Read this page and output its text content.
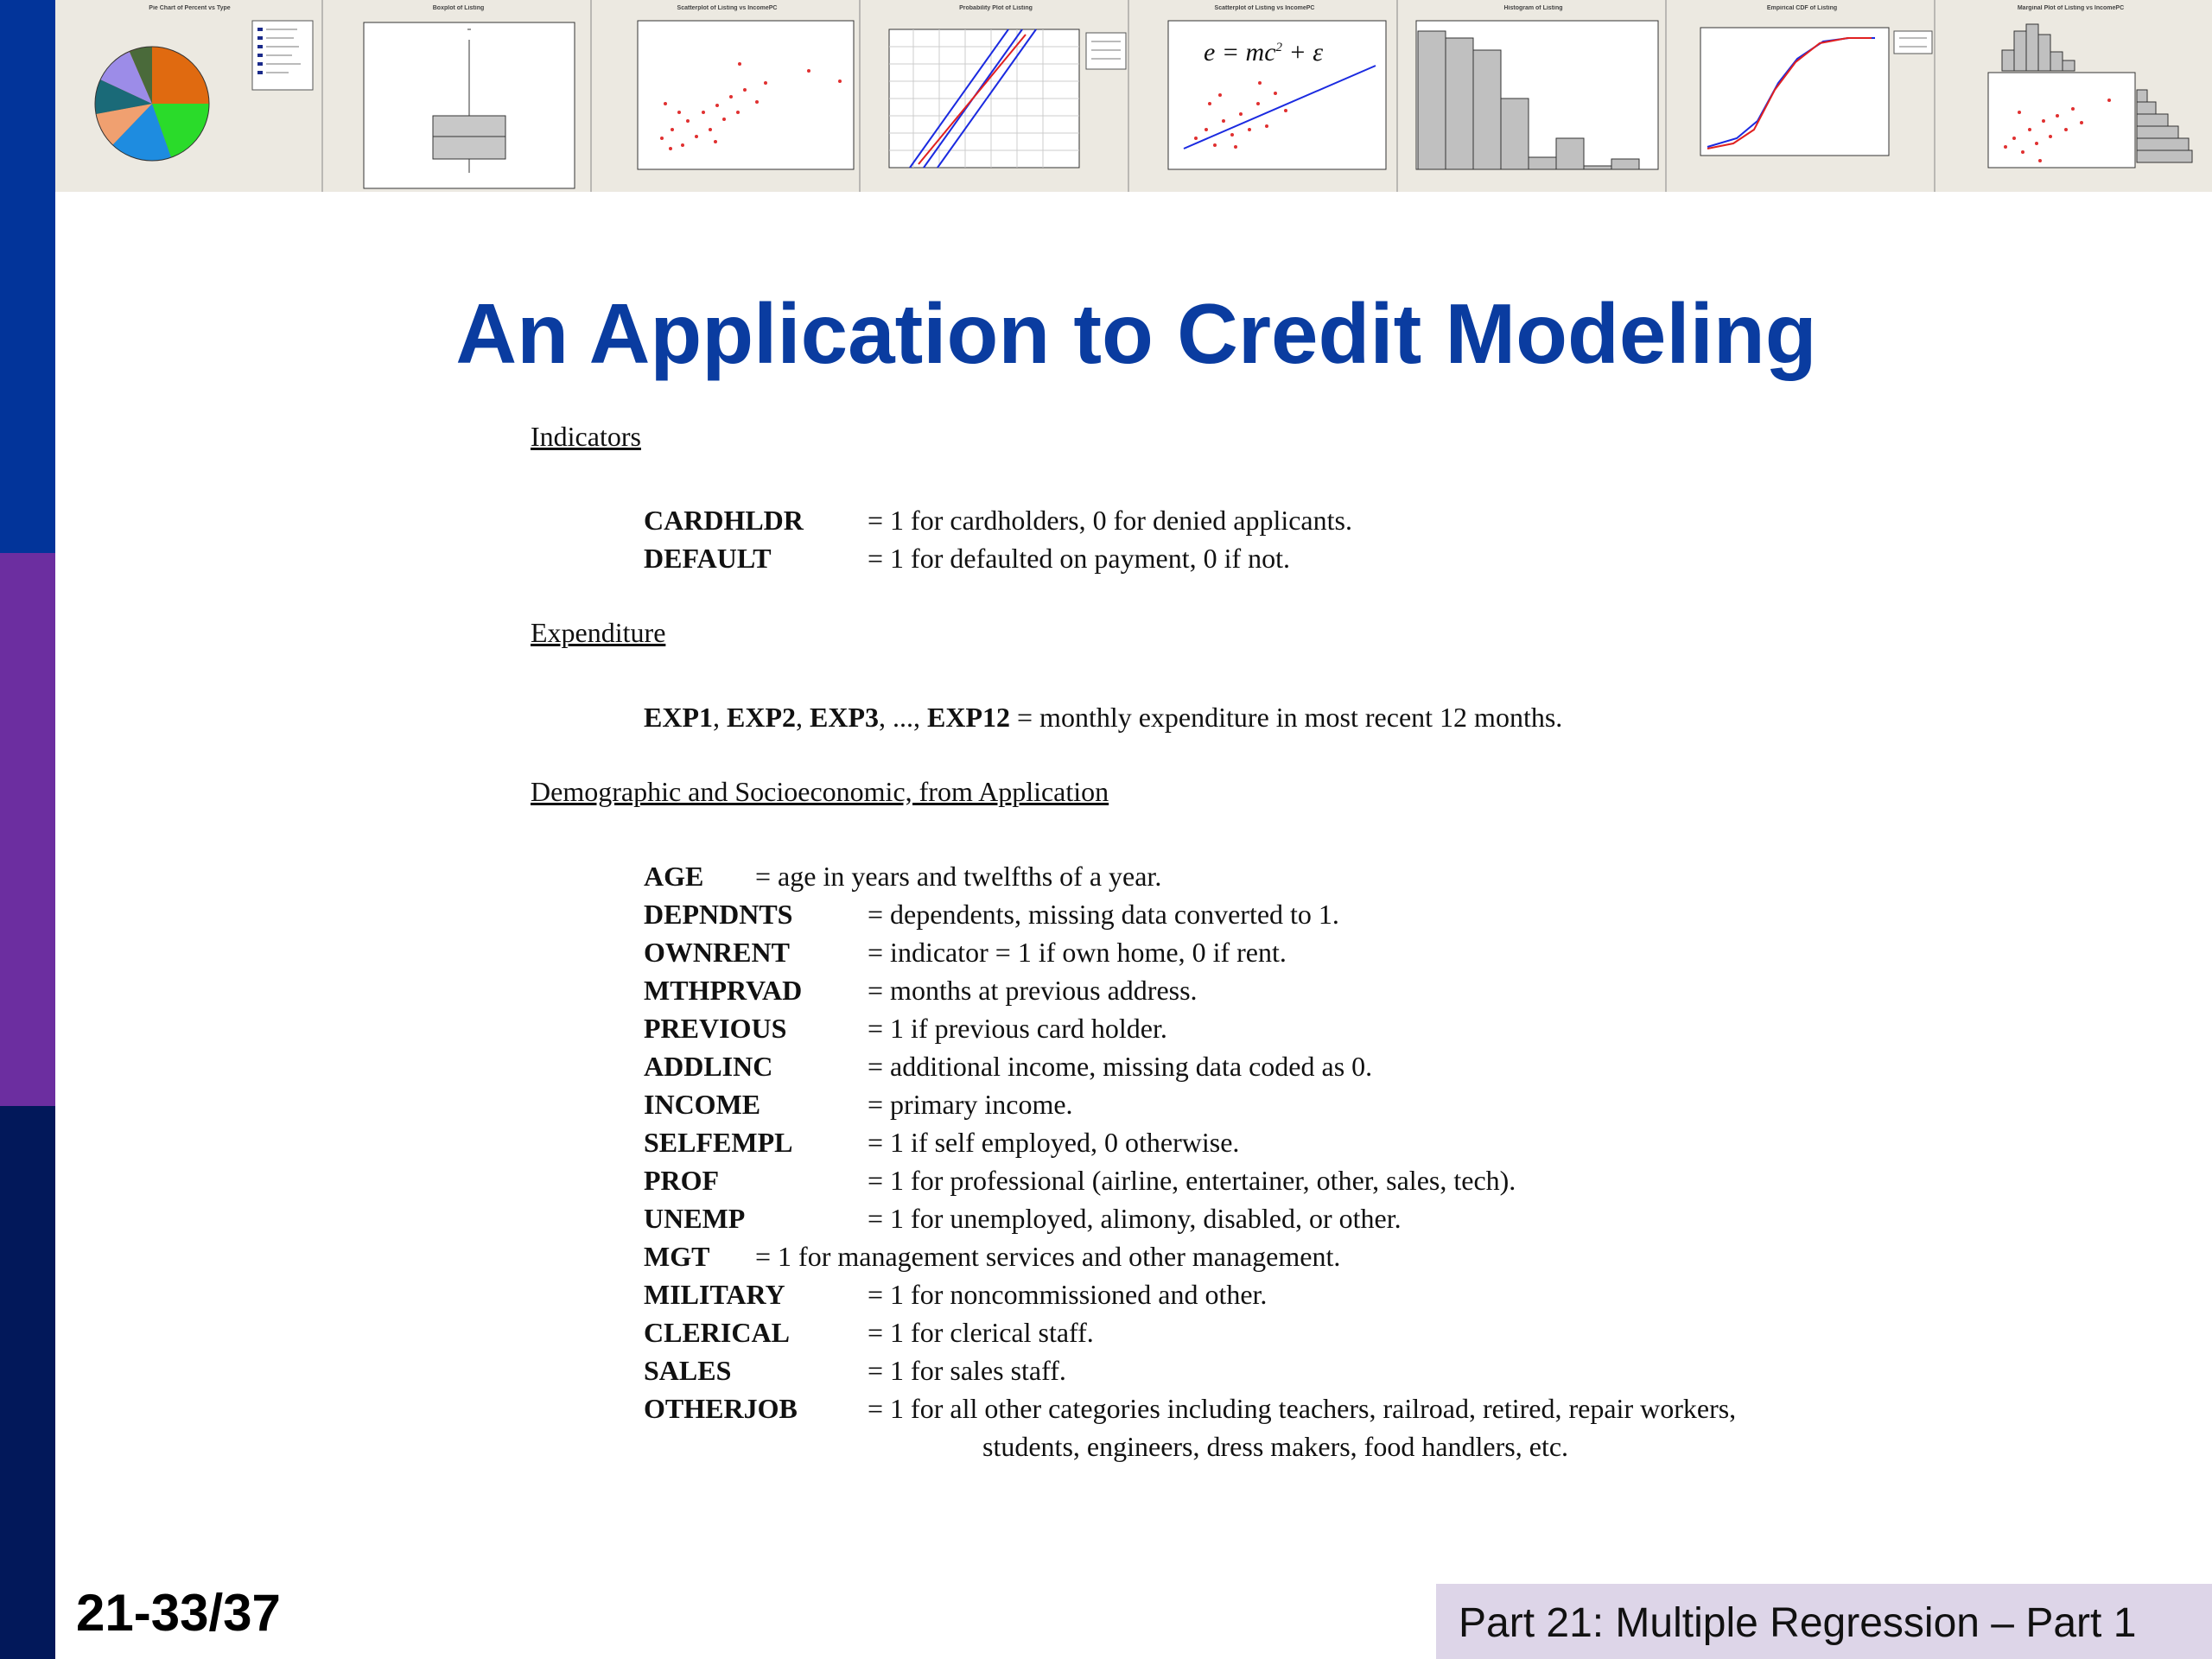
Pie Chart of Percent vs Type	Boxplot of Listing	Scatterplot of Listing vs IncomePC	Probability Plot of Listing	Scatterplot of Listing vs IncomePC
$e = mc^2 + \varepsilon$
Histogram of Listing	Empirical CDF of Listing	Marginal Plot of Listing vs IncomePC
An Application to Credit Modeling
Indicators
CARDHLDR = 1 for cardholders, 0 for denied applicants.
DEFAULT	= 1 for defaulted on payment, 0 if not.
Expenditure
EXP1, EXP2, EXP3, ..., EXP12 = monthly expenditure in most recent 12 months.
Demographic and Socioeconomic, from Application
AGE = age in years and twelfths of a year.
DEPNDNTS	= dependents, missing data converted to 1.
OWNRENT	= indicator = 1 if own home, 0 if rent.
MTHPRVAD = months at previous address.
PREVIOUS	= 1 if previous card holder.
ADDLINC	= additional income, missing data coded as 0.
INCOME	= primary income.
SELFEMPL	= 1 if self employed, 0 otherwise.
PROF	= 1 for professional (airline, entertainer, other, sales, tech).
UNEMP	= 1 for unemployed, alimony, disabled, or other.
MGT = 1 for management services and other management.
MILITARY	= 1 for noncommissioned and other.
CLERICAL	= 1 for clerical staff.
SALES	= 1 for sales staff.
OTHERJOB	= 1 for all other categories including teachers, railroad, retired, repair workers,
students, engineers, dress makers, food handlers, etc.
21-33/37	Part 21: Multiple Regression – Part 1
